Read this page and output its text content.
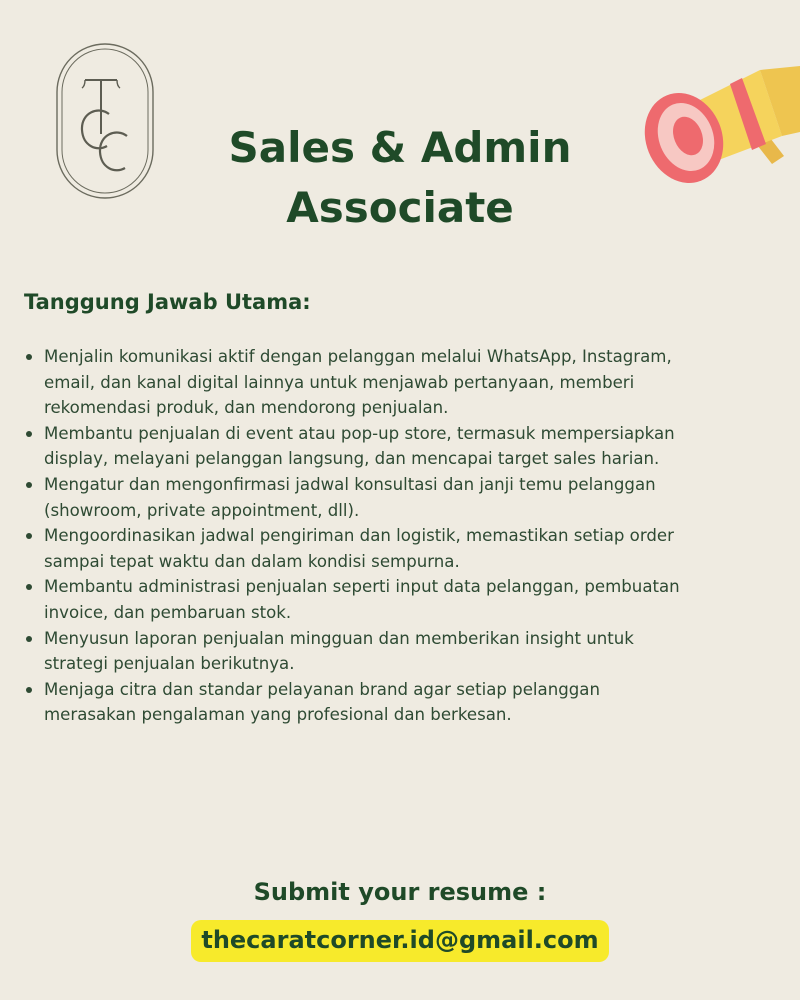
Sales & Admin
Associate
Tanggung Jawab Utama:
Menjalin komunikasi aktif dengan pelanggan melalui WhatsApp, Instagram,
email, dan kanal digital lainnya untuk menjawab pertanyaan, memberi
rekomendasi produk, dan mendorong penjualan.
Membantu penjualan di event atau pop-up store, termasuk mempersiapkan
display, melayani pelanggan langsung, dan mencapai target sales harian.
Mengatur dan mengonfirmasi jadwal konsultasi dan janji temu pelanggan
(showroom, private appointment, dll).
Mengoordinasikan jadwal pengiriman dan logistik, memastikan setiap order
sampai tepat waktu dan dalam kondisi sempurna.
Membantu administrasi penjualan seperti input data pelanggan, pembuatan
invoice, dan pembaruan stok.
Menyusun laporan penjualan mingguan dan memberikan insight untuk
strategi penjualan berikutnya.
Menjaga citra dan standar pelayanan brand agar setiap pelanggan
merasakan pengalaman yang profesional dan berkesan.

Submit your resume :

thecaratcorner.id@gmail.com
